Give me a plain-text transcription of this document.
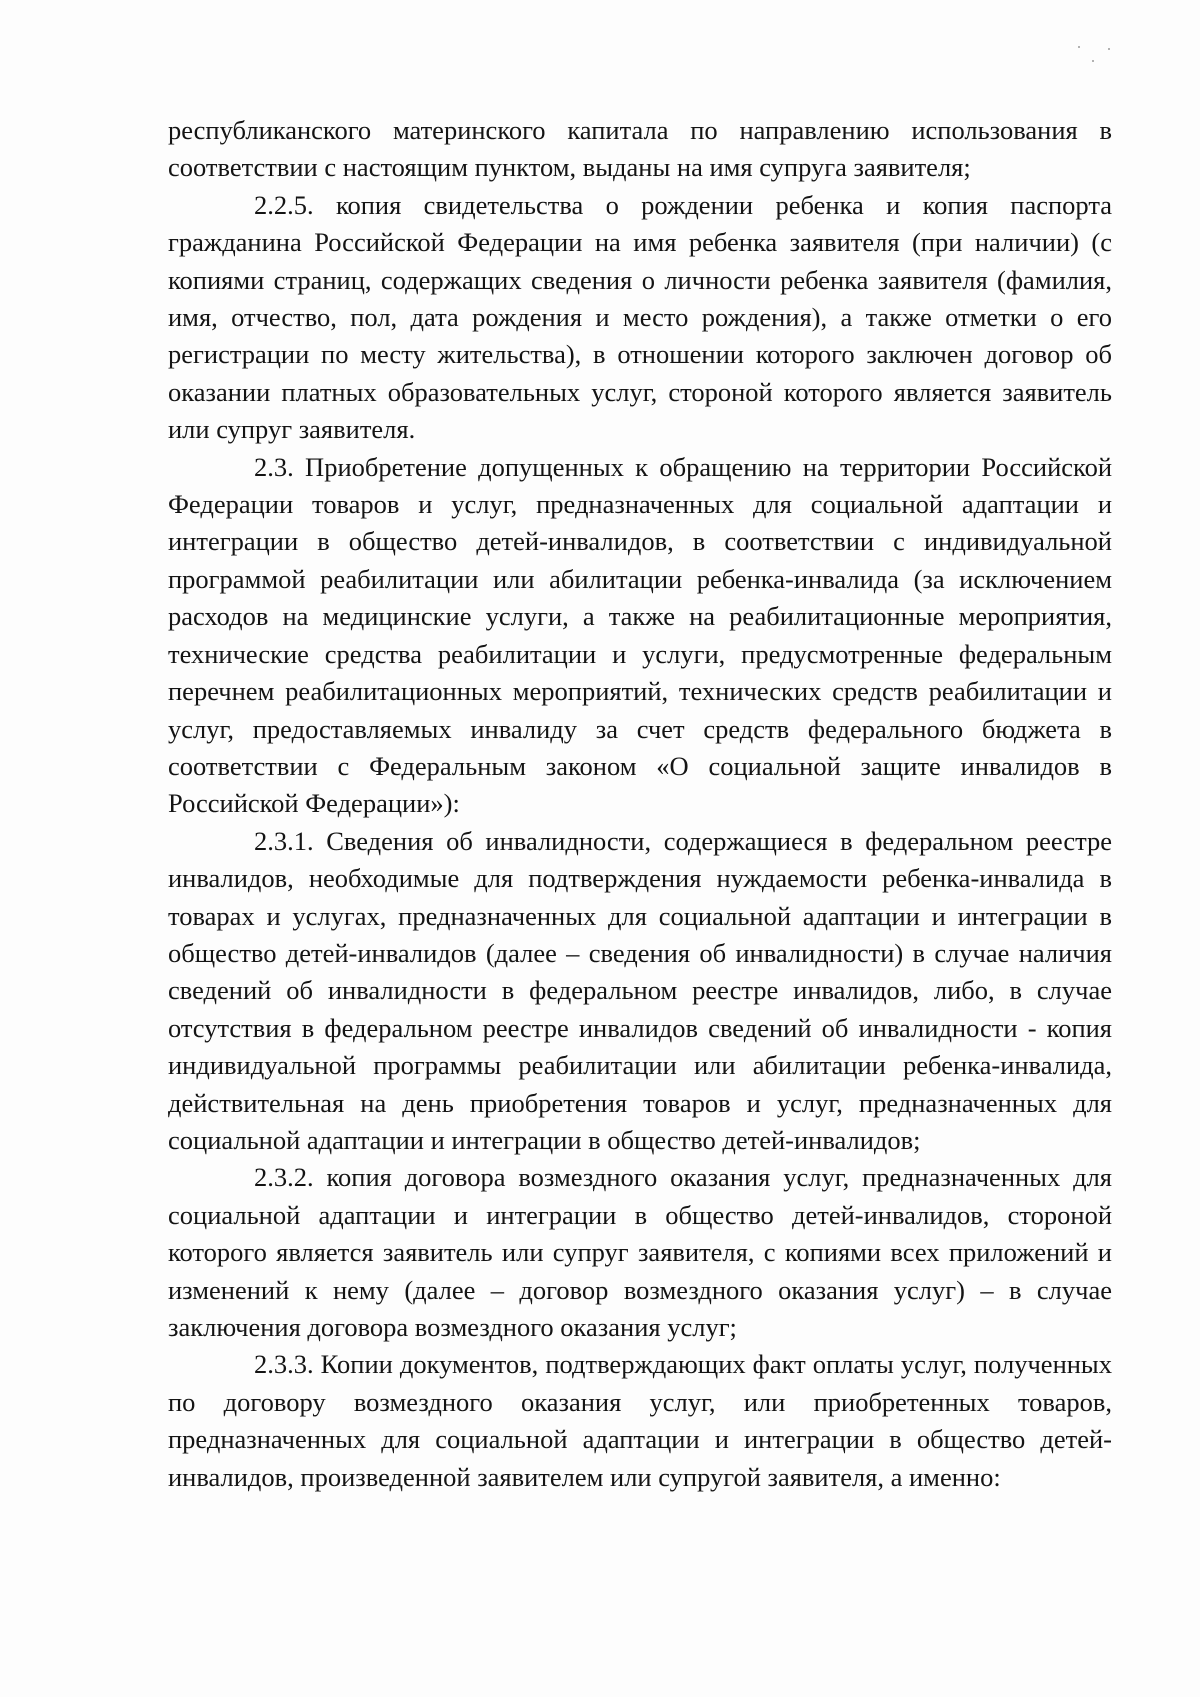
республиканского материнского капитала по направлению использования в соответствии с настоящим пунктом, выданы на имя супруга заявителя;

2.2.5. копия свидетельства о рождении ребенка и копия паспорта гражданина Российской Федерации на имя ребенка заявителя (при наличии) (с копиями страниц, содержащих сведения о личности ребенка заявителя (фамилия, имя, отчество, пол, дата рождения и место рождения), а также отметки о его регистрации по месту жительства), в отношении которого заключен договор об оказании платных образовательных услуг, стороной которого является заявитель или супруг заявителя.

2.3. Приобретение допущенных к обращению на территории Российской Федерации товаров и услуг, предназначенных для социальной адаптации и интеграции в общество детей-инвалидов, в соответствии с индивидуальной программой реабилитации или абилитации ребенка-инвалида (за исключением расходов на медицинские услуги, а также на реабилитационные мероприятия, технические средства реабилитации и услуги, предусмотренные федеральным перечнем реабилитационных мероприятий, технических средств реабилитации и услуг, предоставляемых инвалиду за счет средств федерального бюджета в соответствии с Федеральным законом «О социальной защите инвалидов в Российской Федерации»):

2.3.1. Сведения об инвалидности, содержащиеся в федеральном реестре инвалидов, необходимые для подтверждения нуждаемости ребенка-инвалида в товарах и услугах, предназначенных для социальной адаптации и интеграции в общество детей-инвалидов (далее – сведения об инвалидности) в случае наличия сведений об инвалидности в федеральном реестре инвалидов, либо, в случае отсутствия в федеральном реестре инвалидов сведений об инвалидности - копия индивидуальной программы реабилитации или абилитации ребенка-инвалида, действительная на день приобретения товаров и услуг, предназначенных для социальной адаптации и интеграции в общество детей-инвалидов;

2.3.2. копия договора возмездного оказания услуг, предназначенных для социальной адаптации и интеграции в общество детей-инвалидов, стороной которого является заявитель или супруг заявителя, с копиями всех приложений и изменений к нему (далее – договор возмездного оказания услуг) – в случае заключения договора возмездного оказания услуг;

2.3.3. Копии документов, подтверждающих факт оплаты услуг, полученных по договору возмездного оказания услуг, или приобретенных товаров, предназначенных для социальной адаптации и интеграции в общество детей-инвалидов, произведенной заявителем или супругой заявителя, а именно:
